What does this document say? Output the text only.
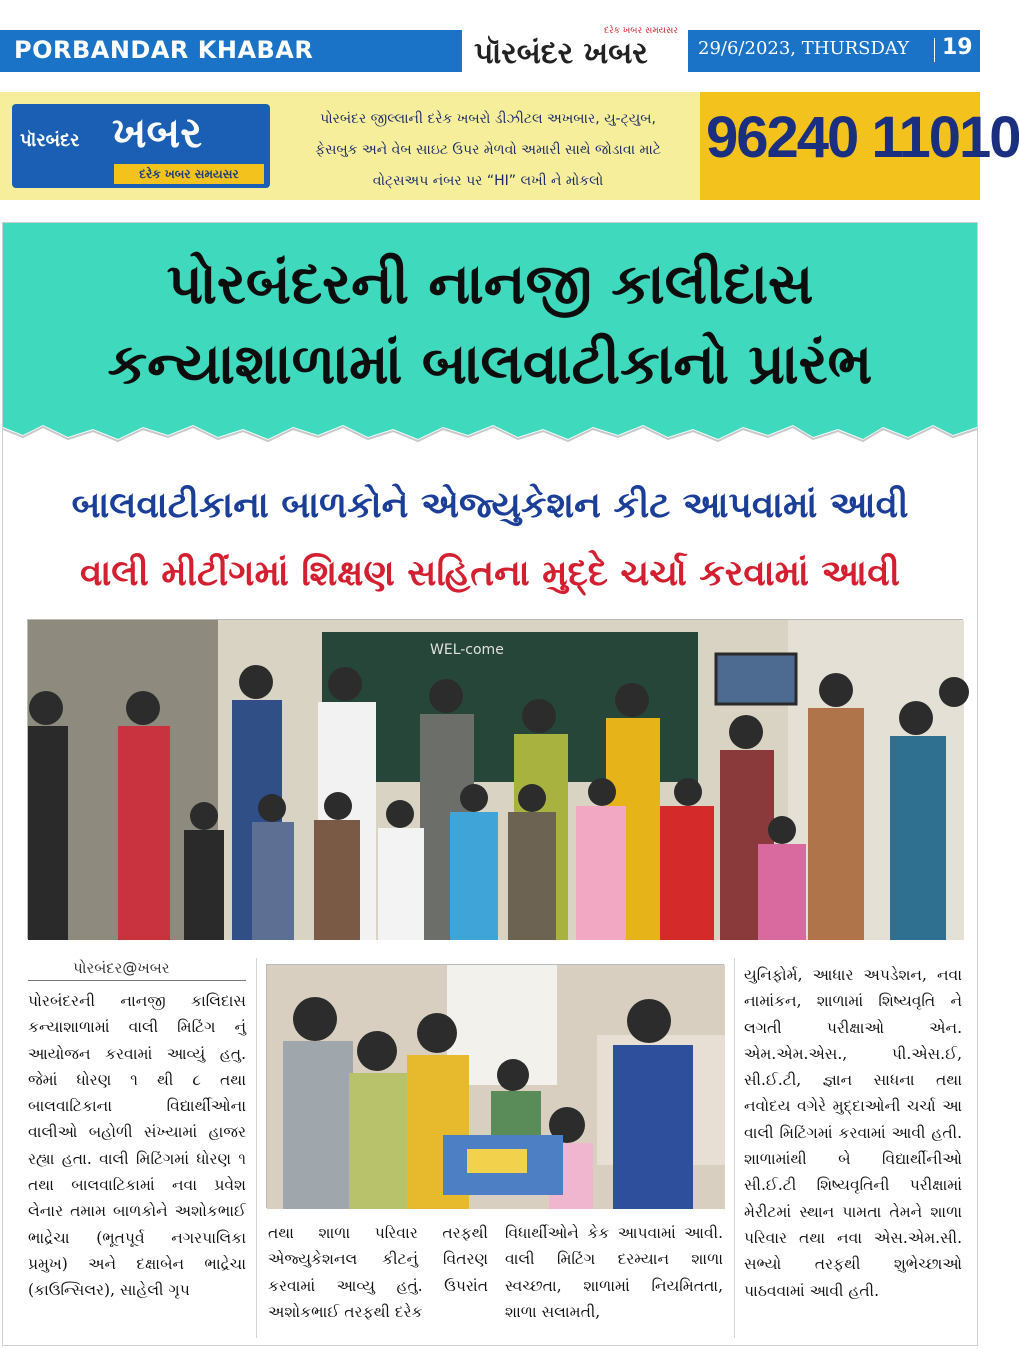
PORBANDAR KHABAR
દરેક ખબર સમયસર
પૉરબંદર ખબર	29/6/2023, THURSDAY 19
પૉરબંદર ખબર
દરેક ખબર સમયસર
પોરબંદર જીલ્લાની દરેક ખબરો ડીઝીટલ અખબાર, યુ-ટ્યુબ,
ફેસબુક અને વેબ સાઇટ ઉપર મેળવો અમારી સાથે જોડાવા માટે
વોટ્સઅપ નંબર પર “HI” લખી ને મોકલો
96240 11010
પોરબંદરની નાનજી કાલીદાસ
કન્યાશાળામાં બાલવાટીકાનો પ્રારંભ
બાલવાટીકાના બાળકોને એજ્યુકેશન કીટ આપવામાં આવી
વાલી મીટીંગમાં શિક્ષણ સહિતના મુદ્દે ચર્ચા કરવામાં આવી
WEL-come
પોરબંદર@ખબર
પોરબંદરની નાનજી કાલિદાસ કન્યાશાળામાં વાલી મિટિંગ નું આયોજન કરવામાં આવ્યું હતુ. જેમાં ધોરણ ૧ થી ૮ તથા બાલવાટિકાના વિદ્યાર્થીઓના વાલીઓ બહોળી સંખ્યામાં હાજર રહ્યા હતા. વાલી મિટિંગમાં ધોરણ ૧ તથા બાલવાટિકામાં નવા પ્રવેશ લેનાર તમામ બાળકોને અશોકભાઈ ભાદ્રેચા (ભૂતપૂર્વ નગરપાલિકા પ્રમુખ) અને દક્ષાબેન ભાદ્રેચા (કાઉન્સિલર), સાહેલી ગૃપ
તથા શાળા પરિવાર તરફથી એજ્યુકેશનલ કીટનું વિતરણ કરવામાં આવ્યુ હતું. ઉપરાંત અશોકભાઈ તરફથી દરેક
વિધાર્થીઓને કેક આપવામાં આવી. વાલી મિટિંગ દરમ્યાન શાળા સ્વચ્છતા, શાળામાં નિયમિતતા, શાળા સલામતી,
યુનિફોર્મ, આધાર અપડેશન, નવા નામાંકન, શાળામાં શિષ્યવૃતિ ને લગતી પરીક્ષાઓ એન. એમ.એમ.એસ., પી.એસ.ઈ, સી.ઈ.ટી, જ્ઞાન સાધના તથા નવોદય વગેરે મુદ્દાઓની ચર્ચા આ વાલી મિટિંગમાં કરવામાં આવી હતી. શાળામાંથી બે વિદ્યાર્થીનીઓ સી.ઈ.ટી શિષ્યવૃતિની પરીક્ષામાં મેરીટમાં સ્થાન પામતા તેમને શાળા પરિવાર તથા નવા એસ.એમ.સી. સભ્યો તરફથી શુભેચ્છાઓ પાઠવવામાં આવી હતી.
